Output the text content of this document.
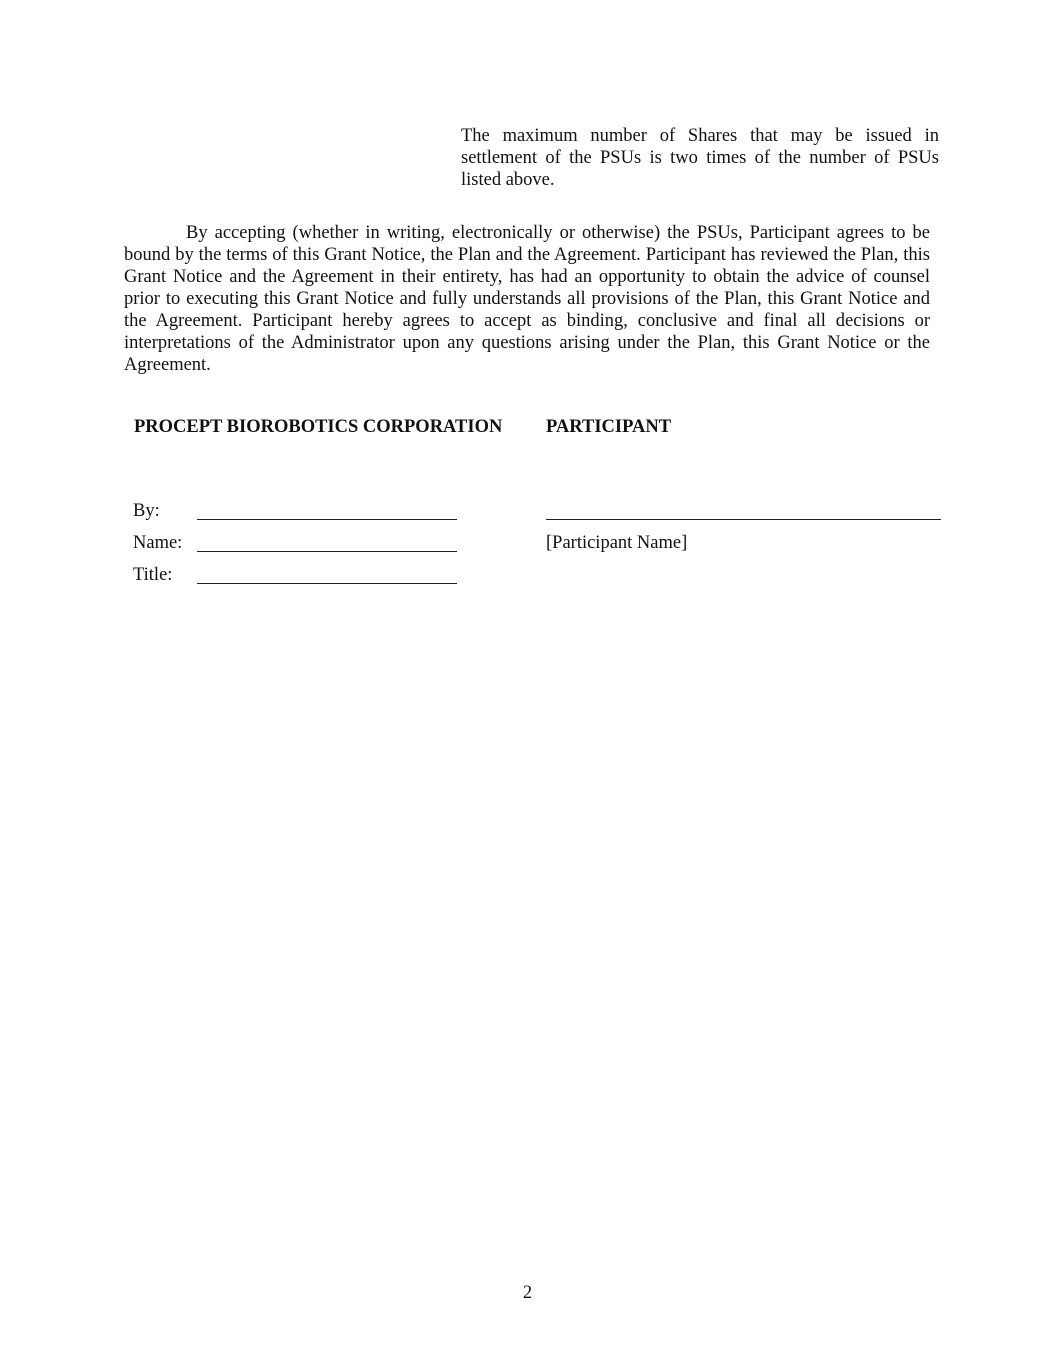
The maximum number of Shares that may be issued in settlement of the PSUs is two times of the number of PSUs listed above.

By accepting (whether in writing, electronically or otherwise) the PSUs, Participant agrees to be bound by the terms of this Grant Notice, the Plan and the Agreement. Participant has reviewed the Plan, this Grant Notice and the Agreement in their entirety, has had an opportunity to obtain the advice of counsel prior to executing this Grant Notice and fully understands all provisions of the Plan, this Grant Notice and the Agreement. Participant hereby agrees to accept as binding, conclusive and final all decisions or interpretations of the Administrator upon any questions arising under the Plan, this Grant Notice or the Agreement.

PROCEPT BIOROBOTICS CORPORATION PARTICIPANT
By:
Name:
Title:
[Participant Name]
2
